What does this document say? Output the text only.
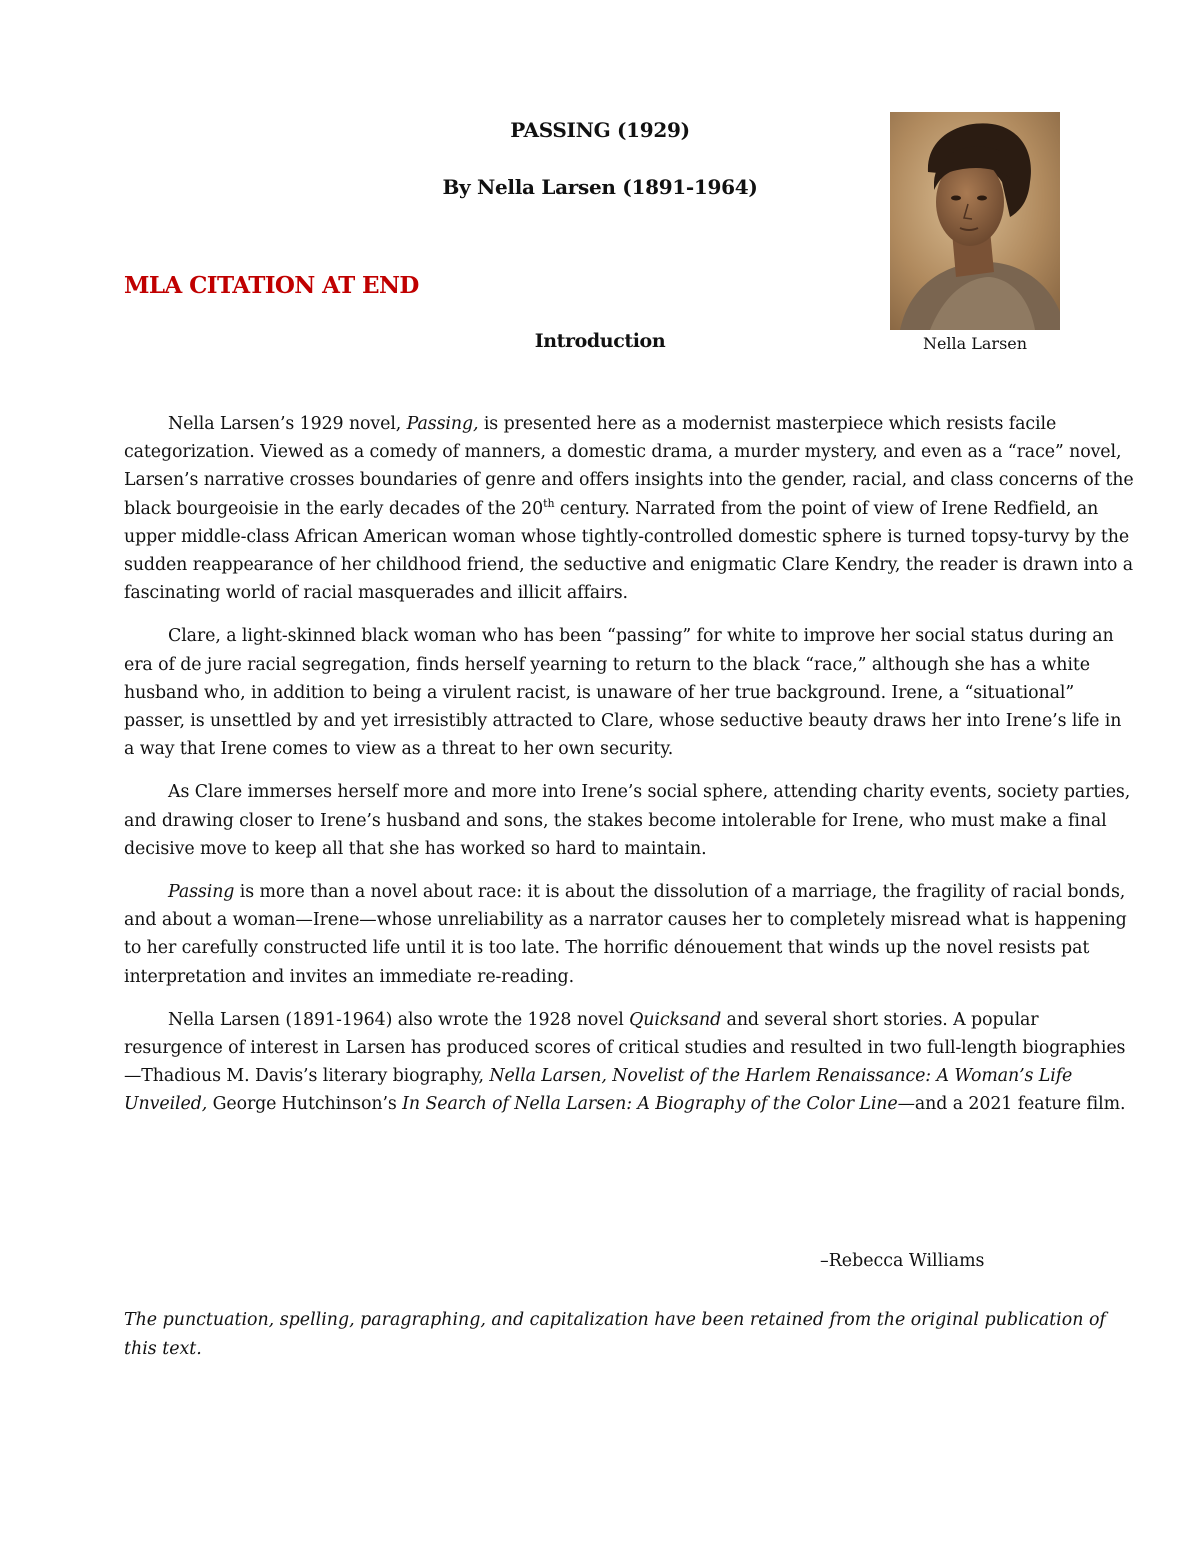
PASSING (1929)
By Nella Larsen (1891-1964)
MLA CITATION AT END
Introduction	Nella Larsen

Nella Larsen’s 1929 novel, Passing, is presented here as a modernist masterpiece which resists facile categorization. Viewed as a comedy of manners, a domestic drama, a murder mystery, and even as a “race” novel, Larsen’s narrative crosses boundaries of genre and offers insights into the gender, racial, and class concerns of the black bourgeoisie in the early decades of the 20th century. Narrated from the point of view of Irene Redfield, an upper middle-class African American woman whose tightly-controlled domestic sphere is turned topsy-turvy by the sudden reappearance of her childhood friend, the seductive and enigmatic Clare Kendry, the reader is drawn into a fascinating world of racial masquerades and illicit affairs.

Clare, a light-skinned black woman who has been “passing” for white to improve her social status during an era of de jure racial segregation, finds herself yearning to return to the black “race,” although she has a white husband who, in addition to being a virulent racist, is unaware of her true background. Irene, a “situational” passer, is unsettled by and yet irresistibly attracted to Clare, whose seductive beauty draws her into Irene’s life in a way that Irene comes to view as a threat to her own security.

As Clare immerses herself more and more into Irene’s social sphere, attending charity events, society parties, and drawing closer to Irene’s husband and sons, the stakes become intolerable for Irene, who must make a final decisive move to keep all that she has worked so hard to maintain.

Passing is more than a novel about race: it is about the dissolution of a marriage, the fragility of racial bonds, and about a woman—Irene—whose unreliability as a narrator causes her to completely misread what is happening to her carefully constructed life until it is too late. The horrific dénouement that winds up the novel resists pat interpretation and invites an immediate re-reading.

Nella Larsen (1891-1964) also wrote the 1928 novel Quicksand and several short stories. A popular resurgence of interest in Larsen has produced scores of critical studies and resulted in two full-length biographies—Thadious M. Davis’s literary biography, Nella Larsen, Novelist of the Harlem Renaissance: A Woman’s Life Unveiled, George Hutchinson’s In Search of Nella Larsen: A Biography of the Color Line—and a 2021 feature film.

–Rebecca Williams
The punctuation, spelling, paragraphing, and capitalization have been retained from the original publication of this text.
